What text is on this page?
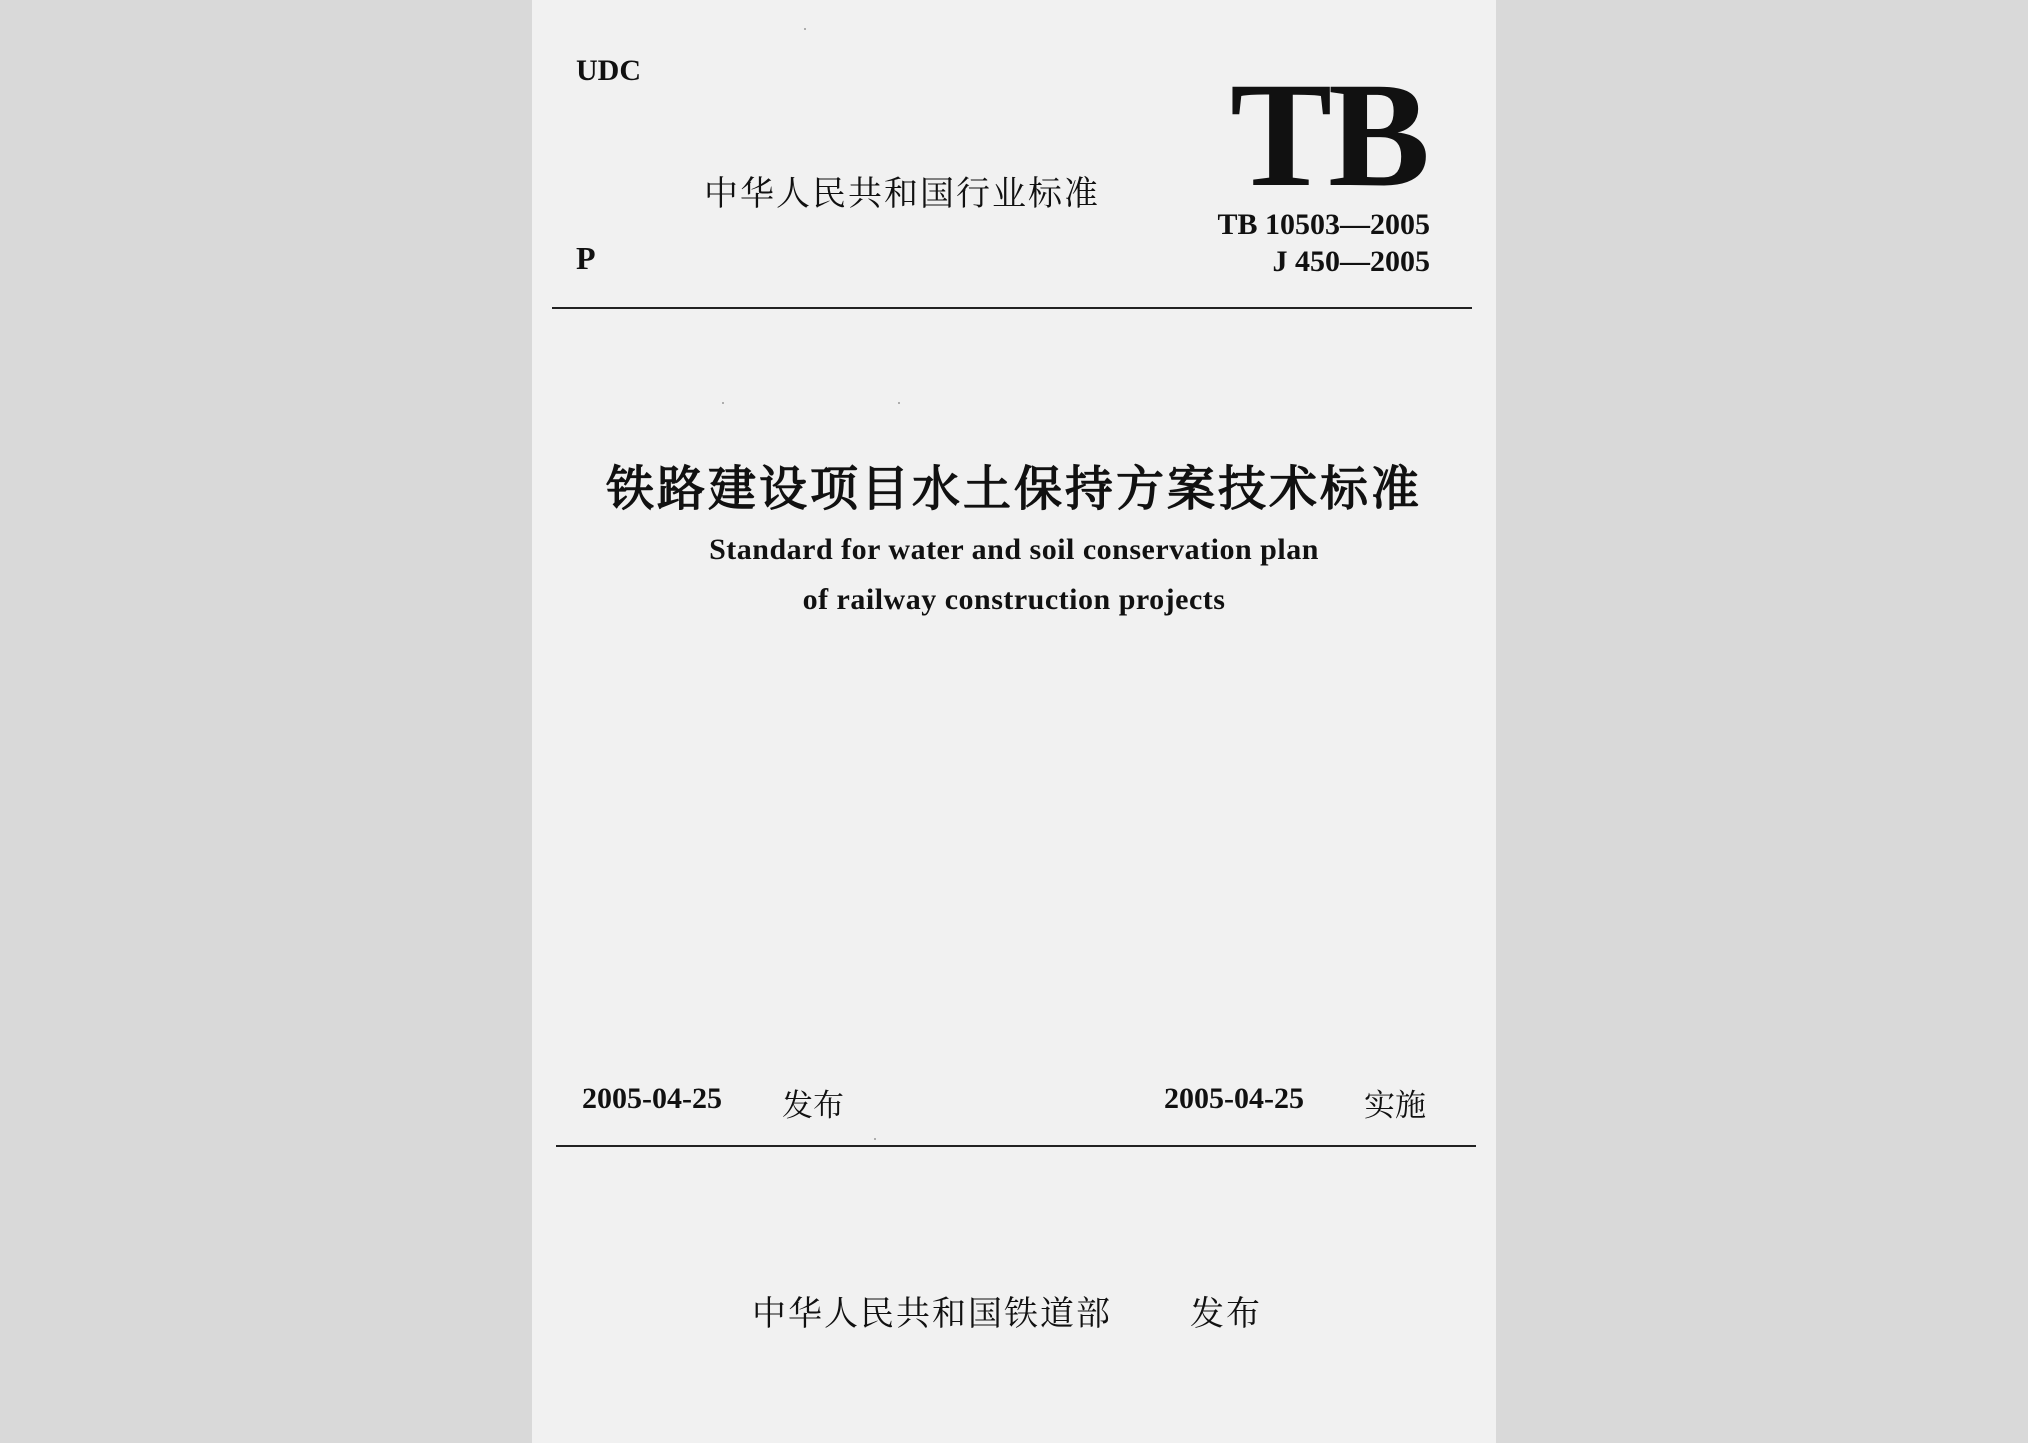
UDC
中华人民共和国行业标准 TB
TB 10503—2005
P	J 450—2005
铁路建设项目水土保持方案技术标准
Standard for water and soil conservation plan
of railway construction projects
2005-04-25 发布	2005-04-25 实施
中华人民共和国铁道部 发布
